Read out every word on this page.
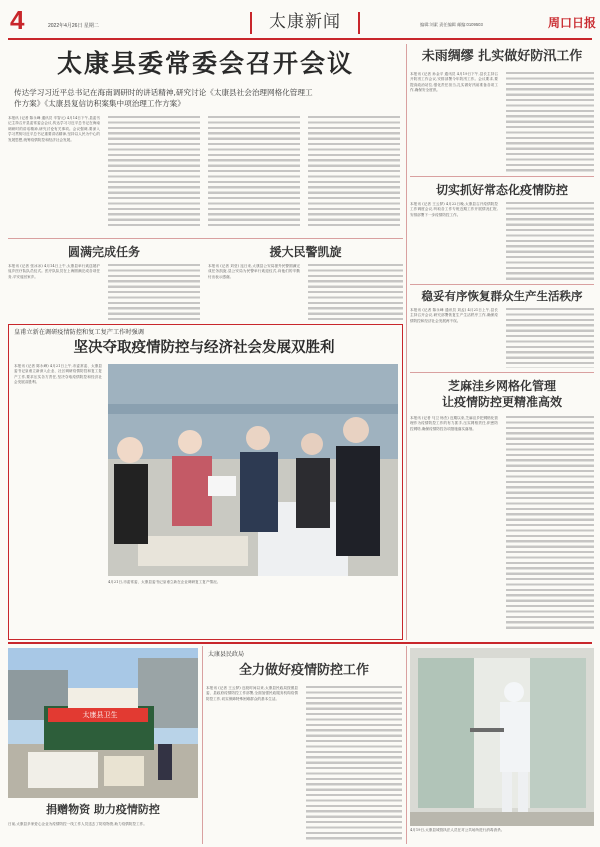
4	2022年4月26日 星期二	太康新闻	编辑:刘素 责任编辑 邮编:0109503	周口日报
太康县委常委会召开会议
传达学习习近平总书记在海南调研时的讲话精神,研究讨论《太康县社会治理网格化管理工
作方案》《太康县复信访积案集中项治理工作方案》
本报讯 (记者 陈永峰 通讯员 辛智元) 4月14日下午,县委书记主持召开县委常委会会议,传达学习习近平总书记在海南调研时的讲话精神,研究讨论有关事项。会议强调,要深入学习贯彻习近平总书记重要讲话精神,坚持以人民为中心的发展思想,统筹疫情防控和经济社会发展。
未雨绸缪 扎实做好防汛工作
本报讯 (记者 孙金平 通讯员 4月19日下午,县长主持召开防汛工作会议,安排部署今年防汛工作。会议要求,要提高政治站位,强化责任担当,扎实做好汛前准备各项工作,确保安全度汛。
切实抓好常态化疫情防控
本报讯 (记者 王云梦) 4月22日晚,太康县召开疫情防控工作调度会议,听取各工作专班近期工作开展情况汇报,安排部署下一步疫情防控工作。
稳妥有序恢复群众生产生活秩序
本报讯 (记者 陈永峰 通讯员 刘孟) 4月21日上午,县长主持召开会议,研究部署恢复生产生活秩序工作,确保疫情防控和经济社会发展两不误。
芝麻洼乡网格化管理
让疫情防控更精准高效
本报讯 (记者 马卫 杨杰) 近期以来,芝麻洼乡把网格化管理作为疫情防控工作的有力抓手,压实网格责任,织密防控网络,确保疫情防控各项措施落实落细。
圆满完成任务
本报讯 (记者 张冰冰) 4月14日上午,太康县举行欢送援沪返乡医疗队队员仪式。医疗队队员在上海圆满完成各项任务,平安返回家乡。
援大民警凯旋
本报讯 (记者 刘莹) 连日来,太康县公安局援外民警圆满完成任务凯旋,县公安局为民警举行欢迎仪式,向他们的辛勤付出表示感谢。
皇甫立新在调研疫情防控和复工复产工作时强调
坚决夺取疫情防控与经济社会发展双胜利
本报讯 (记者 陈永峰) 4月21日上午,市委常委、太康县委书记皇甫立新深入企业、社区调研疫情防控和复工复产工作,要求压实各方责任,坚决夺取疫情防控和经济社会发展双胜利。
4月21日,市委常委、太康县委书记皇甫立新在企业调研复工复产情况。
太康县卫生
捐赠物资 助力疫情防控
日前,太康县多家爱心企业为疫情防控一线工作人员送去了防疫物资,助力疫情防控工作。
太康县民政局
全力做好疫情防控工作
本报讯 (记者 王云梦) 近段时间以来,太康县民政局按照县委、县政府疫情防控工作部署,全面加强民政服务机构疫情防控工作,切实保障特殊困难群众的基本生活。
4月19日,太康县城管执法人员在对公共场所进行消毒消杀。
